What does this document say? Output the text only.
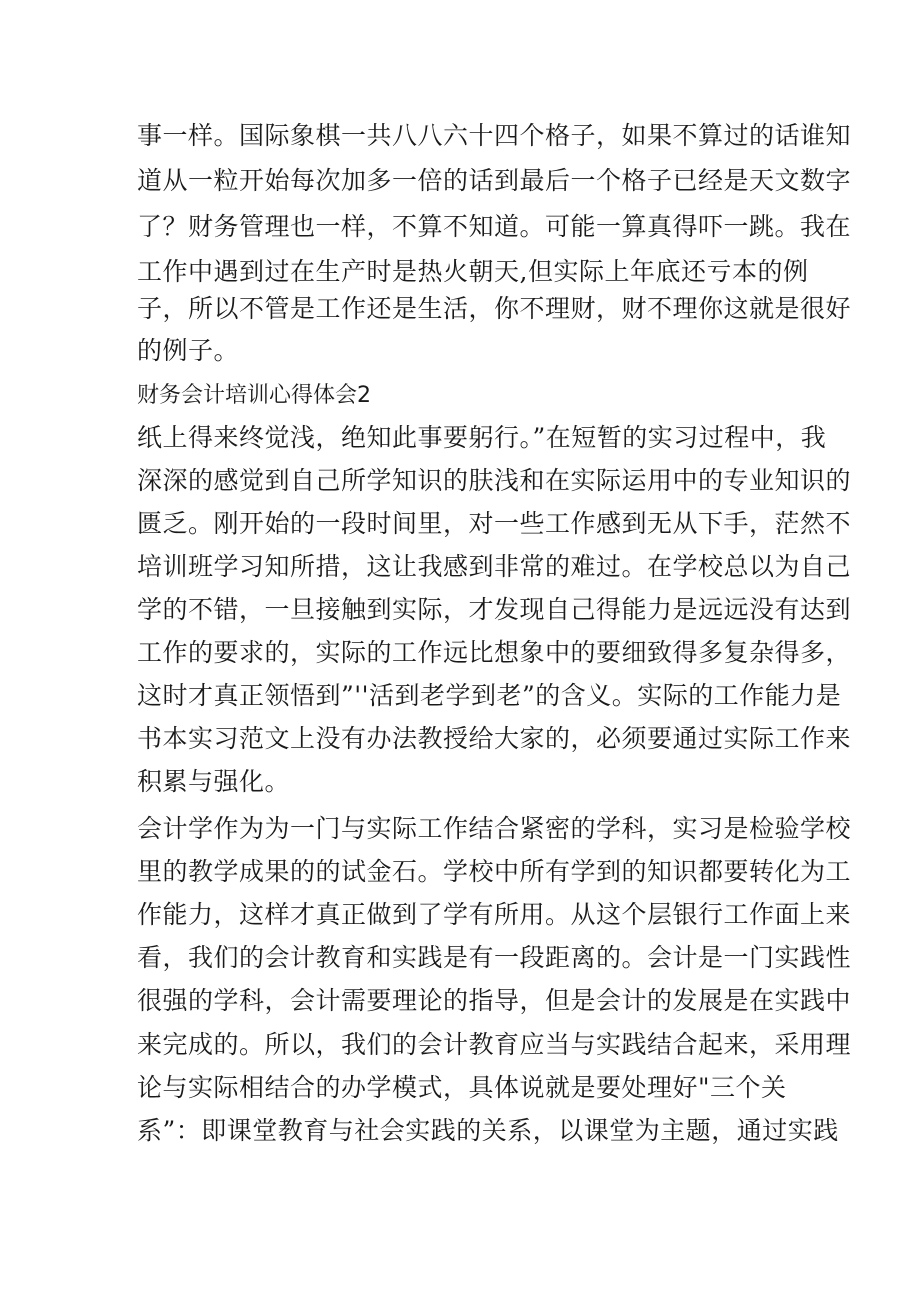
事一样。国际象棋一共八八六十四个格子，如果不算过的话谁知
道从一粒开始每次加多一倍的话到最后一个格子已经是天文数字
了？财务管理也一样，不算不知道。可能一算真得吓一跳。我在
工作中遇到过在生产时是热火朝天,但实际上年底还亏本的例
子，所以不管是工作还是生活，你不理财，财不理你这就是很好
的例子。
财务会计培训心得体会2
纸上得来终觉浅，绝知此事要躬行。”在短暂的实习过程中，我
深深的感觉到自己所学知识的肤浅和在实际运用中的专业知识的
匮乏。刚开始的一段时间里，对一些工作感到无从下手，茫然不
培训班学习知所措，这让我感到非常的难过。在学校总以为自己
学的不错，一旦接触到实际，才发现自己得能力是远远没有达到
工作的要求的，实际的工作远比想象中的要细致得多复杂得多，
这时才真正领悟到”''活到老学到老”的含义。实际的工作能力是
书本实习范文上没有办法教授给大家的，必须要通过实际工作来
积累与强化。
会计学作为为一门与实际工作结合紧密的学科，实习是检验学校
里的教学成果的的试金石。学校中所有学到的知识都要转化为工
作能力，这样才真正做到了学有所用。从这个层银行工作面上来
看，我们的会计教育和实践是有一段距离的。会计是一门实践性
很强的学科，会计需要理论的指导，但是会计的发展是在实践中
来完成的。所以，我们的会计教育应当与实践结合起来，采用理
论与实际相结合的办学模式，具体说就是要处理好"三个关
系”：即课堂教育与社会实践的关系，以课堂为主题，通过实践
